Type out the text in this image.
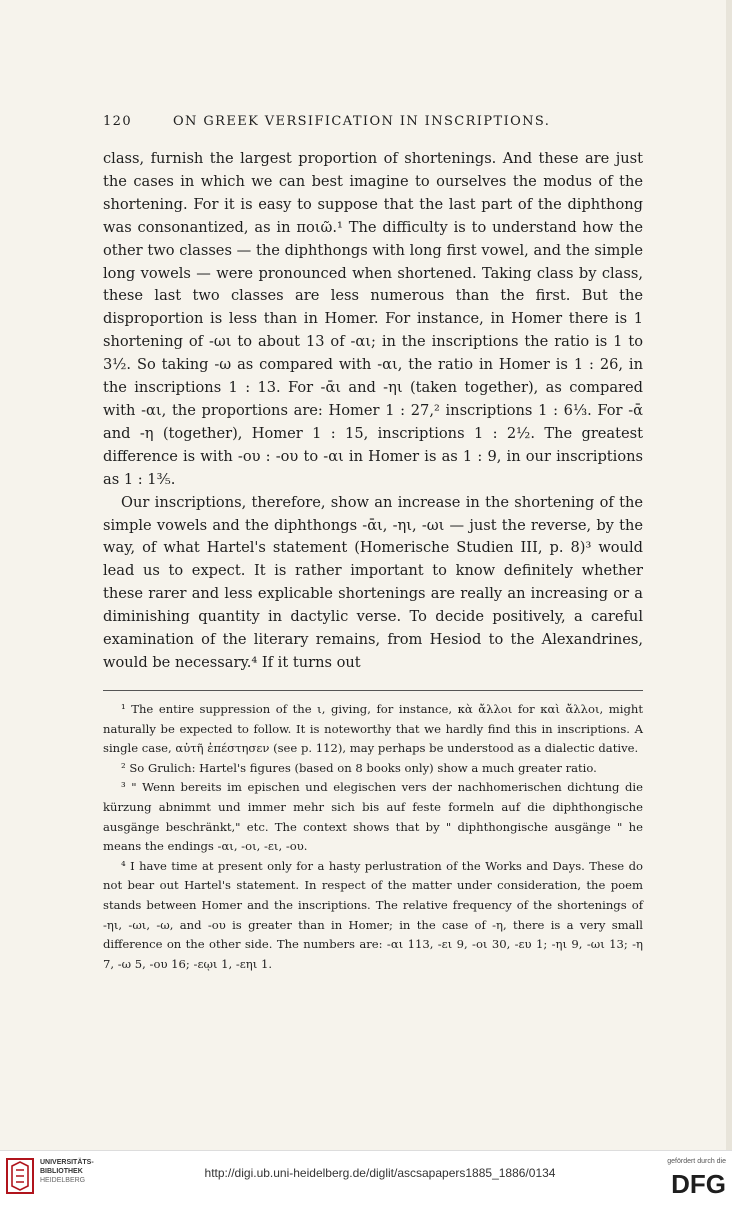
120	ON GREEK VERSIFICATION IN INSCRIPTIONS.

class, furnish the largest proportion of shortenings. And these are just the cases in which we can best imagine to ourselves the modus of the shortening. For it is easy to suppose that the last part of the diphthong was consonantized, as in ποιῶ.¹ The difficulty is to understand how the other two classes — the diphthongs with long first vowel, and the simple long vowels — were pronounced when shortened. Taking class by class, these last two classes are less numerous than the first. But the disproportion is less than in Homer. For instance, in Homer there is 1 shortening of -ωι to about 13 of -αι; in the inscriptions the ratio is 1 to 3½. So taking -ω as compared with -αι, the ratio in Homer is 1 : 26, in the inscriptions 1 : 13. For -ᾱι and -ηι (taken together), as compared with -αι, the proportions are: Homer 1 : 27,² inscriptions 1 : 6⅓. For -ᾱ and -η (together), Homer 1 : 15, inscriptions 1 : 2½. The greatest difference is with -ου : -ου to -αι in Homer is as 1 : 9, in our inscriptions as 1 : 1⅗.

Our inscriptions, therefore, show an increase in the shortening of the simple vowels and the diphthongs -ᾱι, -ηι, -ωι — just the reverse, by the way, of what Hartel's statement (Homerische Studien III, p. 8)³ would lead us to expect. It is rather important to know definitely whether these rarer and less explicable shortenings are really an increasing or a diminishing quantity in dactylic verse. To decide positively, a careful examination of the literary remains, from Hesiod to the Alexandrines, would be necessary.⁴ If it turns out

¹ The entire suppression of the ι, giving, for instance, κὰ ἄλλοι for καὶ ἄλλοι, might naturally be expected to follow. It is noteworthy that we hardly find this in inscriptions. A single case, αὐτῆ ἐπέστησεν (see p. 112), may perhaps be understood as a dialectic dative.

² So Grulich: Hartel's figures (based on 8 books only) show a much greater ratio.

³ " Wenn bereits im epischen und elegischen vers der nachhomerischen dichtung die kürzung abnimmt und immer mehr sich bis auf feste formeln auf die diphthongische ausgänge beschränkt," etc. The context shows that by " diphthongische ausgänge " he means the endings -αι, -οι, -ει, -ου.

⁴ I have time at present only for a hasty perlustration of the Works and Days. These do not bear out Hartel's statement. In respect of the matter under consideration, the poem stands between Homer and the inscriptions. The relative frequency of the shortenings of -ηι, -ωι, -ω, and -ου is greater than in Homer; in the case of -η, there is a very small difference on the other side. The numbers are: -αι 113, -ει 9, -οι 30, -ευ 1; -ηι 9, -ωι 13; -η 7, -ω 5, -ου 16; -εῳι 1, -εηι 1.

UNIVERSITÄTS-
BIBLIOTHEK
HEIDELBERG
http://digi.ub.uni-heidelberg.de/diglit/ascsapapers1885_1886/0134
gefördert durch die
DFG
